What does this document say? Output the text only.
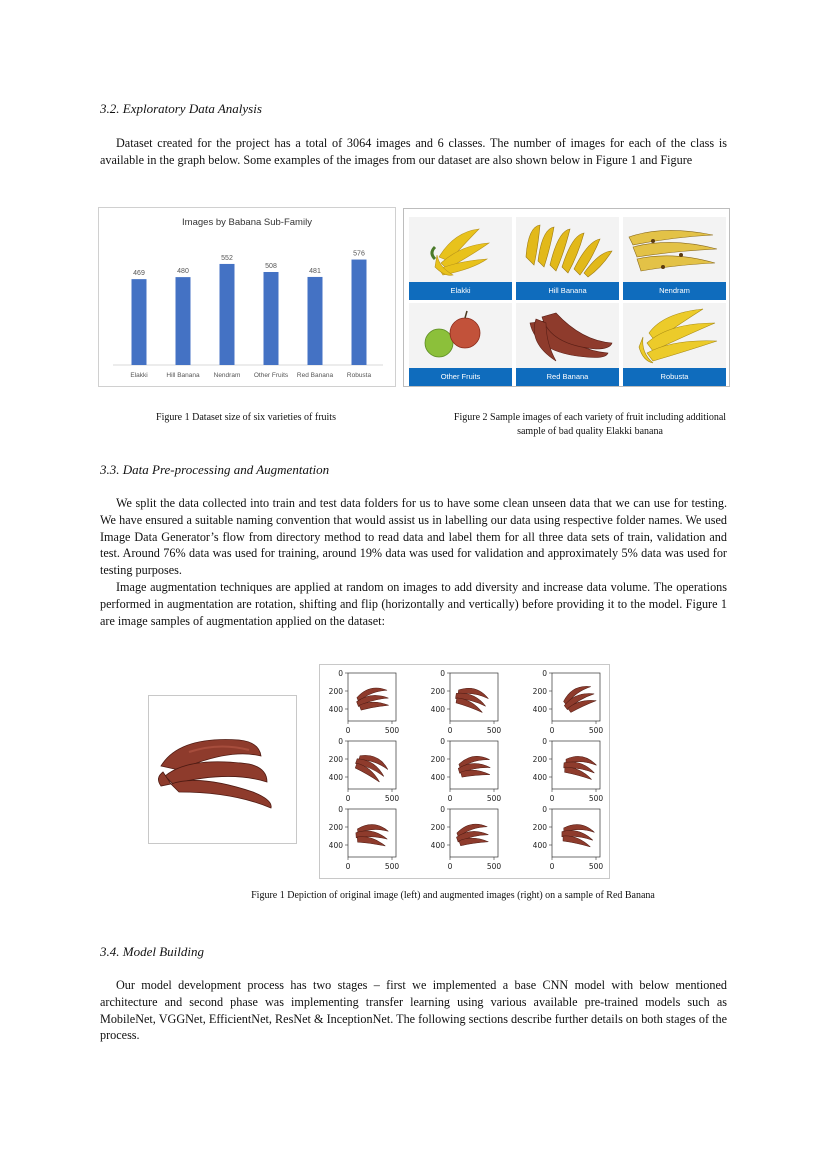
3.2. Exploratory Data Analysis

Dataset created for the project has a total of 3064 images and 6 classes. The number of images for each of the class is available in the graph below. Some examples of the images from our dataset are also shown below in Figure 1 and Figure

Images by Babana Sub-Family
469
Elakki
480
Hill Banana
552
Nendram
508
Other Fruits
481
Red Banana
576
Robusta
Elakki	Hill Banana	Nendram
Other Fruits	Red Banana	Robusta
Figure 1 Dataset size of six varieties of fruits	Figure 2 Sample images of each variety of fruit including additional sample of bad quality Elakki banana
3.3. Data Pre-processing and Augmentation

We split the data collected into train and test data folders for us to have some clean unseen data that we can use for testing. We have ensured a suitable naming convention that would assist us in labelling our data using respective folder names. We used Image Data Generator’s flow from directory method to read data and label them for all three data sets of train, validation and test. Around 76% data was used for training, around 19% data was used for validation and approximately 5% data was used for testing purposes.

Image augmentation techniques are applied at random on images to add diversity and increase data volume. The operations performed in augmentation are rotation, shifting and flip (horizontally and vertically) before providing it to the model. Figure 1 are image samples of augmentation applied on the dataset:

0
200
400
0	500
0
200
400
0	500
0
200
400
0	500
0
200
400
0	500
0
200
400
0	500
0
200
400
0	500
0
200
400
0	500
0
200
400
0	500
0
200
400
0	500
Figure 1 Depiction of original image (left) and augmented images (right) on a sample of Red Banana
3.4. Model Building

Our model development process has two stages – first we implemented a base CNN model with below mentioned architecture and second phase was implementing transfer learning using various available pre-trained models such as MobileNet, VGGNet, EfficientNet, ResNet & InceptionNet. The following sections describe further details on both stages of the process.
